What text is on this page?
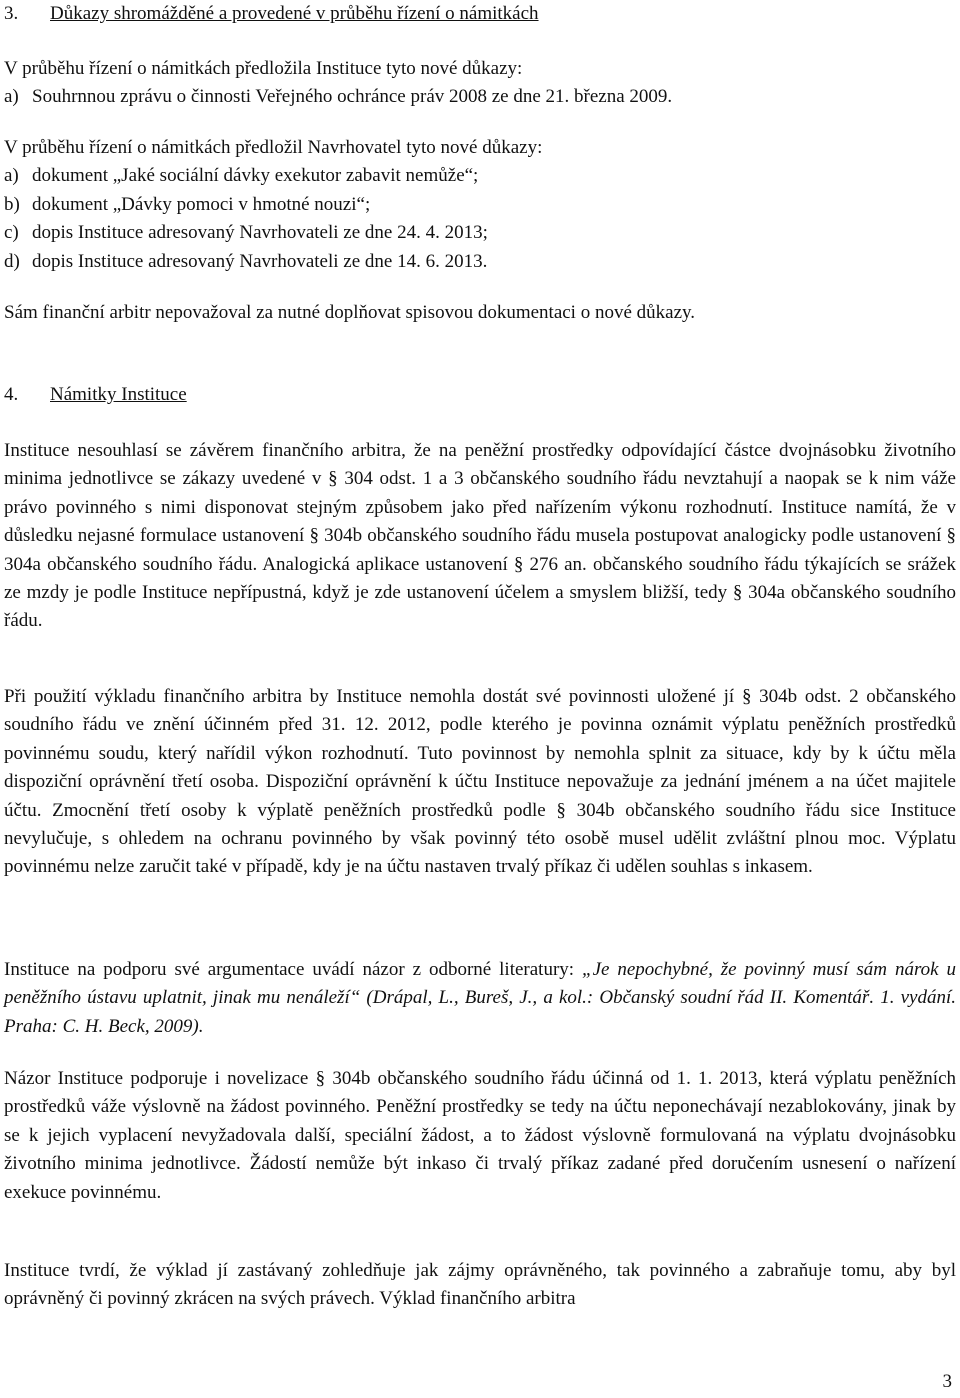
3.	Důkazy shromážděné a provedené v průběhu řízení o námitkách

V průběhu řízení o námitkách předložila Instituce tyto nové důkazy:

a) Souhrnnou zprávu o činnosti Veřejného ochránce práv 2008 ze dne 21. března 2009.

V průběhu řízení o námitkách předložil Navrhovatel tyto nové důkazy:

a) dokument „Jaké sociální dávky exekutor zabavit nemůže“;
b) dokument „Dávky pomoci v hmotné nouzi“;
c) dopis Instituce adresovaný Navrhovateli ze dne 24. 4. 2013;
d) dopis Instituce adresovaný Navrhovateli ze dne 14. 6. 2013.

Sám finanční arbitr nepovažoval za nutné doplňovat spisovou dokumentaci o nové důkazy.

4.	Námitky Instituce

Instituce nesouhlasí se závěrem finančního arbitra, že na peněžní prostředky odpovídající částce dvojnásobku životního minima jednotlivce se zákazy uvedené v § 304 odst. 1 a 3 občanského soudního řádu nevztahují a naopak se k nim váže právo povinného s nimi disponovat stejným způsobem jako před nařízením výkonu rozhodnutí. Instituce namítá, že v důsledku nejasné formulace ustanovení § 304b občanského soudního řádu musela postupovat analogicky podle ustanovení § 304a občanského soudního řádu. Analogická aplikace ustanovení § 276 an. občanského soudního řádu týkajících se srážek ze mzdy je podle Instituce nepřípustná, když je zde ustanovení účelem a smyslem bližší, tedy § 304a občanského soudního řádu.

Při použití výkladu finančního arbitra by Instituce nemohla dostát své povinnosti uložené jí § 304b odst. 2 občanského soudního řádu ve znění účinném před 31. 12. 2012, podle kterého je povinna oznámit výplatu peněžních prostředků povinnému soudu, který nařídil výkon rozhodnutí. Tuto povinnost by nemohla splnit za situace, kdy by k účtu měla dispoziční oprávnění třetí osoba. Dispoziční oprávnění k účtu Instituce nepovažuje za jednání jménem a na účet majitele účtu. Zmocnění třetí osoby k výplatě peněžních prostředků podle § 304b občanského soudního řádu sice Instituce nevylučuje, s ohledem na ochranu povinného by však povinný této osobě musel udělit zvláštní plnou moc. Výplatu povinnému nelze zaručit také v případě, kdy je na účtu nastaven trvalý příkaz či udělen souhlas s inkasem.

Instituce na podporu své argumentace uvádí názor z odborné literatury: „Je nepochybné, že povinný musí sám nárok u peněžního ústavu uplatnit, jinak mu nenáleží“ (Drápal, L., Bureš, J., a kol.: Občanský soudní řád II. Komentář. 1. vydání. Praha: C. H. Beck, 2009).

Názor Instituce podporuje i novelizace § 304b občanského soudního řádu účinná od 1. 1. 2013, která výplatu peněžních prostředků váže výslovně na žádost povinného. Peněžní prostředky se tedy na účtu neponechávají nezablokovány, jinak by se k jejich vyplacení nevyžadovala další, speciální žádost, a to žádost výslovně formulovaná na výplatu dvojnásobku životního minima jednotlivce. Žádostí nemůže být inkaso či trvalý příkaz zadané před doručením usnesení o nařízení exekuce povinnému.

Instituce tvrdí, že výklad jí zastávaný zohledňuje jak zájmy oprávněného, tak povinného a zabraňuje tomu, aby byl oprávněný či povinný zkrácen na svých právech. Výklad finančního arbitra

3
